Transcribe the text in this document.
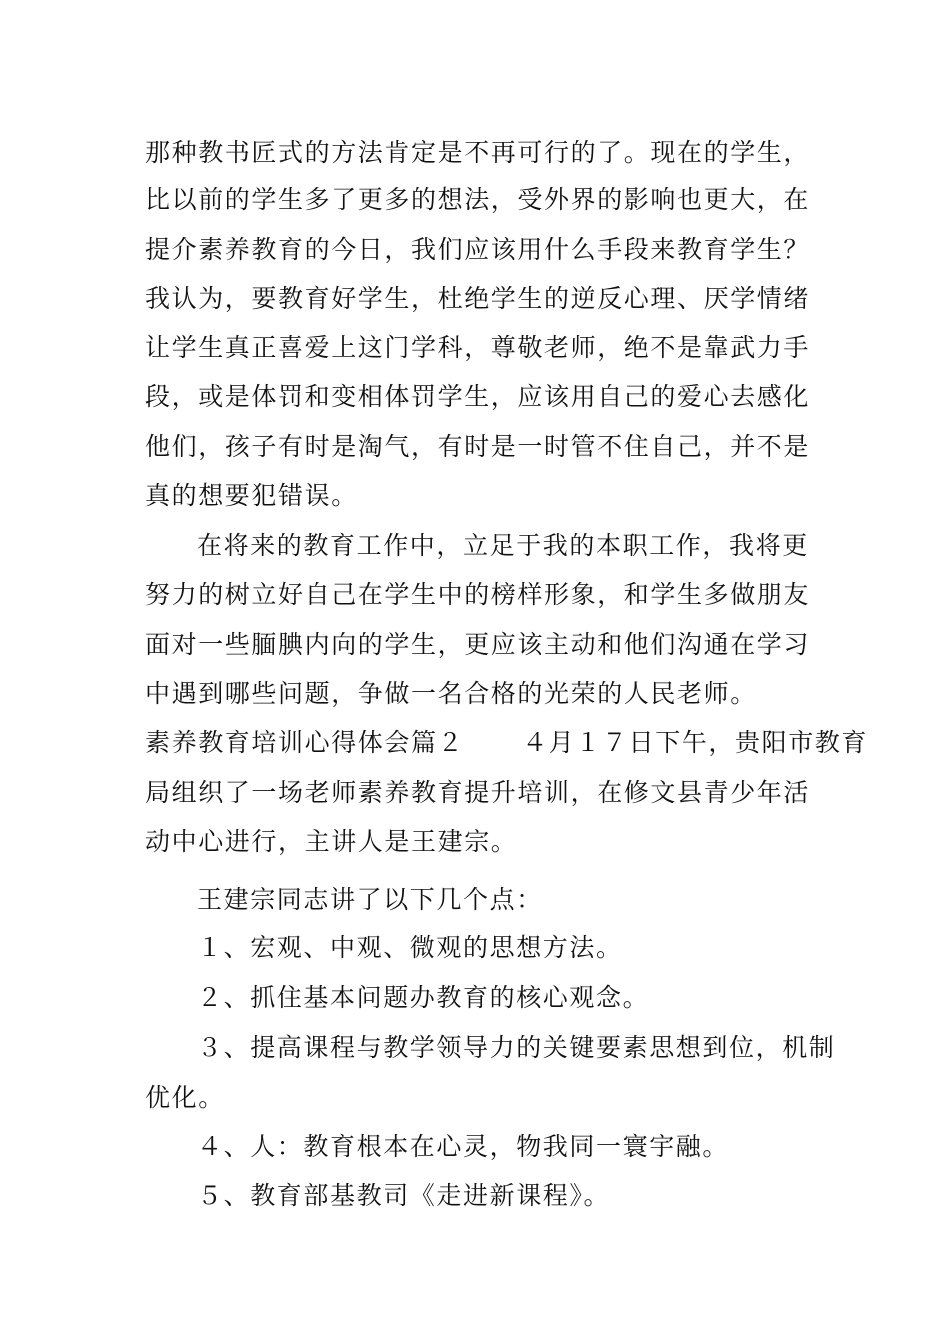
那种教书匠式的方法肯定是不再可行的了。现在的学生，
比以前的学生多了更多的想法，受外界的影响也更大，在
提介素养教育的今日，我们应该用什么手段来教育学生？
我认为，要教育好学生，杜绝学生的逆反心理、厌学情绪
让学生真正喜爱上这门学科，尊敬老师，绝不是靠武力手
段，或是体罚和变相体罚学生，应该用自己的爱心去感化
他们，孩子有时是淘气，有时是一时管不住自己，并不是
真的想要犯错误。
在将来的教育工作中，立足于我的本职工作，我将更
努力的树立好自己在学生中的榜样形象，和学生多做朋友
面对一些腼腆内向的学生，更应该主动和他们沟通在学习
中遇到哪些问题，争做一名合格的光荣的人民老师。
素养教育培训心得体会篇２ ４月１７日下午，贵阳市教育
局组织了一场老师素养教育提升培训，在修文县青少年活
动中心进行，主讲人是王建宗。
王建宗同志讲了以下几个点：
１、宏观、中观、微观的思想方法。
２、抓住基本问题办教育的核心观念。
３、提高课程与教学领导力的关键要素思想到位，机制
优化。
４、人：教育根本在心灵，物我同一寰宇融。
５、教育部基教司《走进新课程》。
